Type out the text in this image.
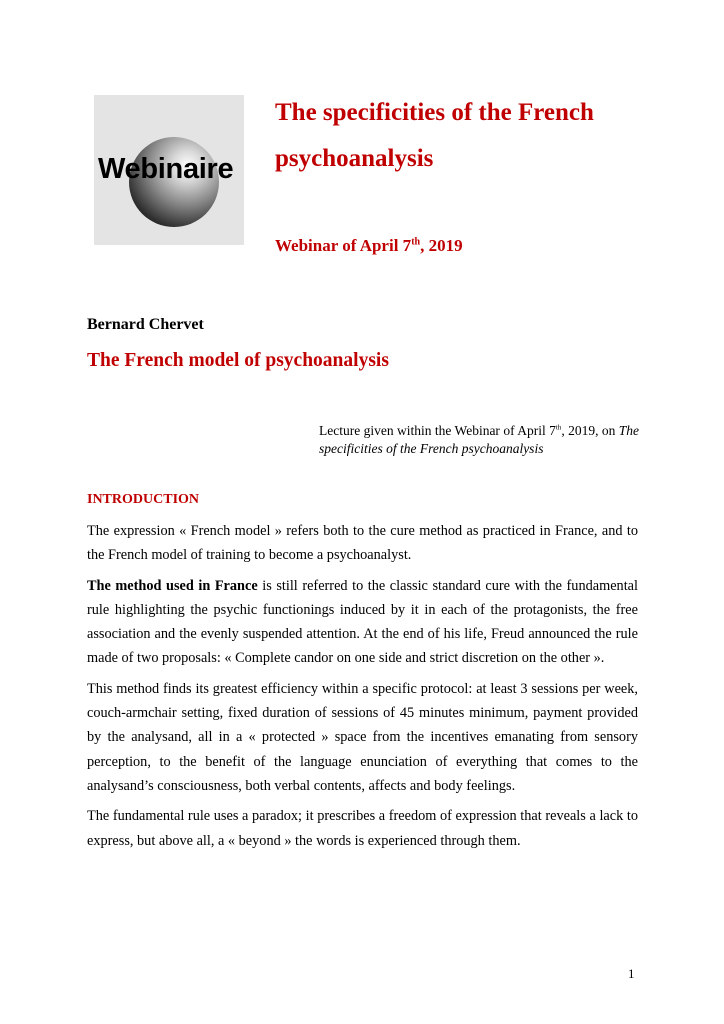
Webinaire
The specificities of the French psychoanalysis
Webinar of April 7th, 2019

Bernard Chervet

The French model of psychoanalysis

Lecture given within the Webinar of April 7th, 2019, on The specificities of the French psychoanalysis

INTRODUCTION

The expression « French model » refers both to the cure method as practiced in France, and to the French model of training to become a psychoanalyst.

The method used in France is still referred to the classic standard cure with the fundamental rule highlighting the psychic functionings induced by it in each of the protagonists, the free association and the evenly suspended attention. At the end of his life, Freud announced the rule made of two proposals: « Complete candor on one side and strict discretion on the other ».

This method finds its greatest efficiency within a specific protocol: at least 3 sessions per week, couch-armchair setting, fixed duration of sessions of 45 minutes minimum, payment provided by the analysand, all in a « protected » space from the incentives emanating from sensory perception, to the benefit of the language enunciation of everything that comes to the analysand’s consciousness, both verbal contents, affects and body feelings.

The fundamental rule uses a paradox; it prescribes a freedom of expression that reveals a lack to express, but above all, a « beyond » the words is experienced through them.

1
